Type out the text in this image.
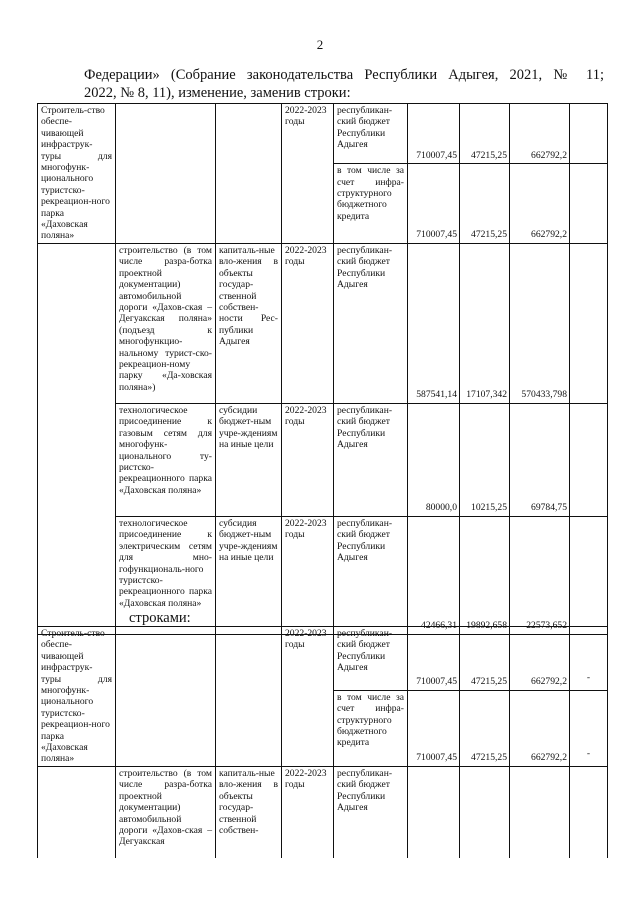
2
Федерации» (Собрание законодательства Республики Адыгея, 2021, № 11;
2022, № 8, 11), изменение, заменив строки:
Строитель-ство обеспе-чивающей инфраструк-туры для многофунк-ционального туристско-рекреацион-ного парка «Даховская поляна»			2022-2023 годы	республикан-ский бюджет Республики Адыгея	710007,45	47215,25	662792,2	
				в том числе за счет инфра-структурного бюджетного кредита	710007,45	47215,25	662792,2	
	строительство (в том числе разра-ботка проектной документации) автомобильной дороги «Дахов-ская – Дегуакская поляна» (подъезд к многофункцио-нальному турист-ско-рекреацион-ному парку «Да-ховская поляна»)	капиталь-ные вло-жения в объекты государ-ственной собствен-ности Рес-публики Адыгея	2022-2023 годы	республикан-ский бюджет Республики Адыгея	587541,14	17107,342	570433,798	
	технологическое присоединение к газовым сетям для многофунк-ционального ту-ристско-рекреационного парка «Даховская поляна»	субсидии бюджет-ным учре-ждениям на иные цели	2022-2023 годы	республикан-ский бюджет Республики Адыгея	80000,0	10215,25	69784,75	
	технологическое присоединение к электрическим сетям для мно-гофункциональ-ного туристско-рекреационного парка «Даховская поляна»	субсидия бюджет-ным учре-ждениям на иные цели	2022-2023 годы	республикан-ский бюджет Республики Адыгея	42466,31	19892,658	22573,652	
строками:
Строитель-ство обеспе-чивающей инфраструк-туры для многофунк-ционального туристско-рекреацион-ного парка «Даховская поляна»			2022-2023 годы	республикан-ский бюджет Республики Адыгея	710007,45	47215,25	662792,2	-
				в том числе за счет инфра-структурного бюджетного кредита	710007,45	47215,25	662792,2	-
	строительство (в том числе разра-ботка проектной документации) автомобильной дороги «Дахов-ская – Дегуакская	капиталь-ные вло-жения в объекты государ-ственной собствен-	2022-2023 годы	республикан-ский бюджет Республики Адыгея				
